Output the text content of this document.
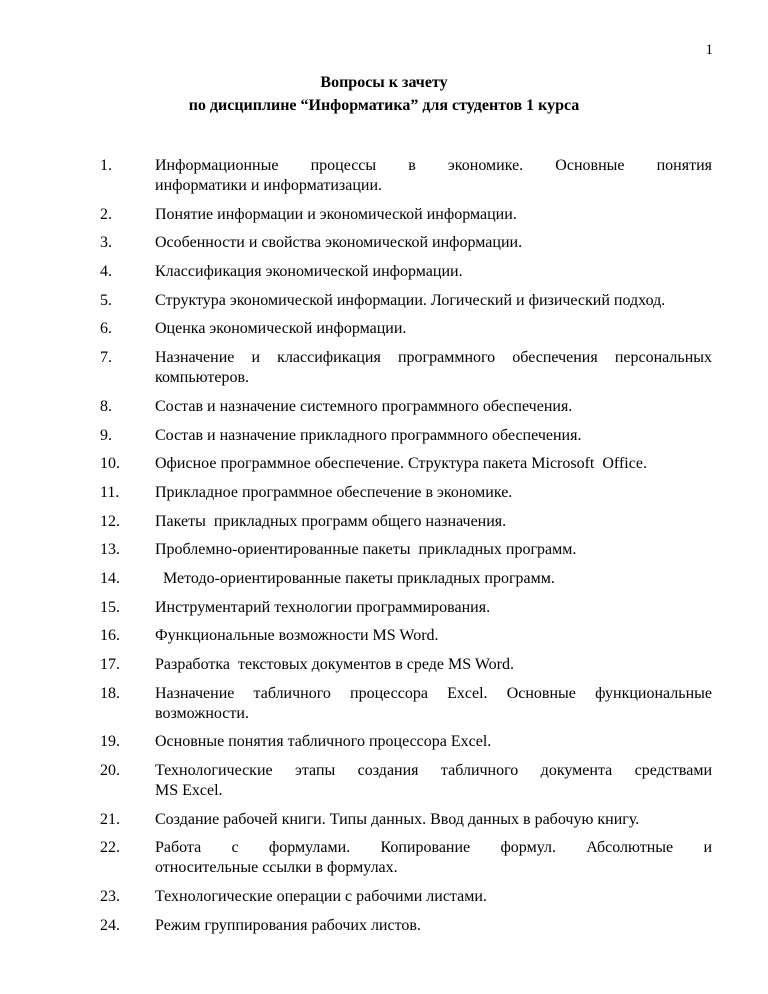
1
Вопросы к зачету
по дисциплине “Информатика” для студентов 1 курса
1.	Информационные процессы в экономике. Основные понятия
информатики и информатизации.
2.	Понятие информации и экономической информации.
3.	Особенности и свойства экономической информации.
4.	Классификация экономической информации.
5.	Структура экономической информации. Логический и физический подход.
6.	Оценка экономической информации.
7.	Назначение и классификация программного обеспечения персональных
компьютеров.
8.	Состав и назначение системного программного обеспечения.
9.	Состав и назначение прикладного программного обеспечения.
10. Офисное программное обеспечение. Структура пакета Microsoft  Office.
11. Прикладное программное обеспечение в экономике.
12. Пакеты  прикладных программ общего назначения.
13. Проблемно-ориентированные пакеты  прикладных программ.
14. Методо-ориентированные пакеты прикладных программ.
15. Инструментарий технологии программирования.
16. Функциональные возможности MS Word.
17. Разработка  текстовых документов в среде MS Word.
18. Назначение табличного процессора Excel. Основные функциональные
возможности.
19. Основные понятия табличного процессора Excel.
20. Технологические этапы создания табличного документа средствами
MS Excel.
21. Создание рабочей книги. Типы данных. Ввод данных в рабочую книгу.
22. Работа с формулами. Копирование формул. Абсолютные и
относительные ссылки в формулах.
23. Технологические операции с рабочими листами.
24. Режим группирования рабочих листов.
